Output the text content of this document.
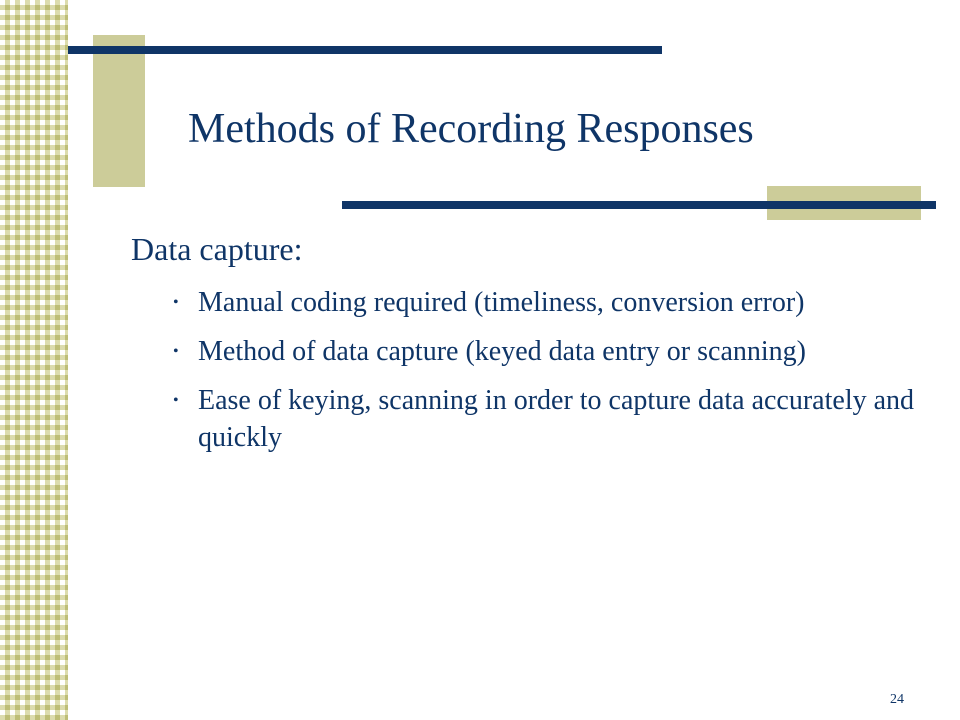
Methods of Recording Responses
Data capture:
• Manual coding required (timeliness, conversion error)
• Method of data capture (keyed data entry or scanning)
• Ease of keying, scanning in order to capture data accurately and quickly
24
